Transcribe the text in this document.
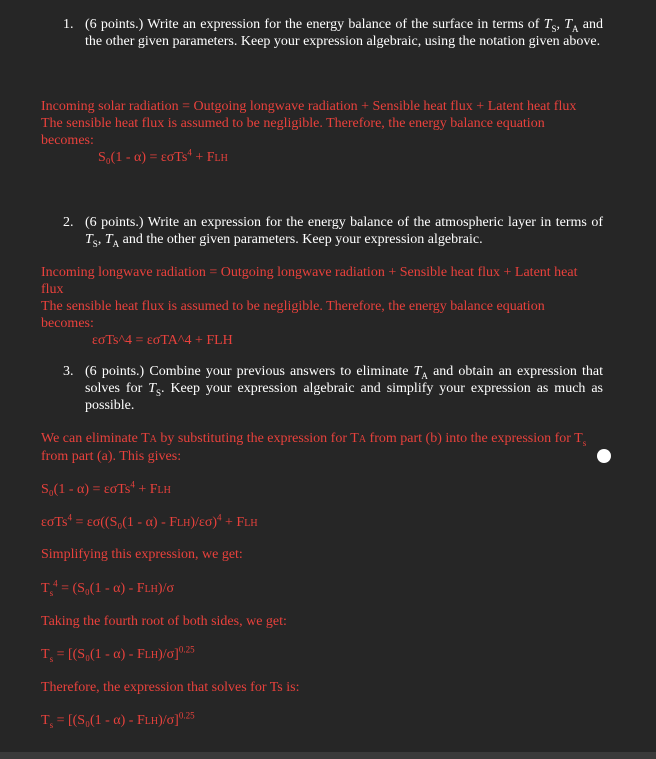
1. (6 points.) Write an expression for the energy balance of the surface in terms of $T_S$, $T_A$ and the other given parameters. Keep your expression algebraic, using the notation given above.
Incoming solar radiation = Outgoing longwave radiation + Sensible heat flux + Latent heat flux
The sensible heat flux is assumed to be negligible. Therefore, the energy balance equation becomes:
S₀(1 - α) = εσTs$^4$ + FLH
2. (6 points.) Write an expression for the energy balance of the atmospheric layer in terms of $T_S$, $T_A$ and the other given parameters. Keep your expression algebraic.
Incoming longwave radiation = Outgoing longwave radiation + Sensible heat flux + Latent heat flux
The sensible heat flux is assumed to be negligible. Therefore, the energy balance equation becomes:
εσTs^4 = εσTA^4 + FLH
3. (6 points.) Combine your previous answers to eliminate $T_A$ and obtain an expression that solves for $T_S$. Keep your expression algebraic and simplify your expression as much as possible.
We can eliminate TA by substituting the expression for TA from part (b) into the expression for $T_s$ from part (a). This gives:
S₀(1 - α) = εσTs$^4$ + FLH
εσTs$^4$ = εσ((S₀(1 - α) - FLH)/εσ)$^4$ + FLH
Simplifying this expression, we get:
$T_s^4 = (S_0(1 - \alpha) - FLH)/\sigma$
Taking the fourth root of both sides, we get:
$T_s = [(S_0(1 - \alpha) - FLH)/\sigma]^{0.25}$
Therefore, the expression that solves for Ts is:
$T_s = [(S_0(1 - \alpha) - FLH)/\sigma]^{0.25}$
